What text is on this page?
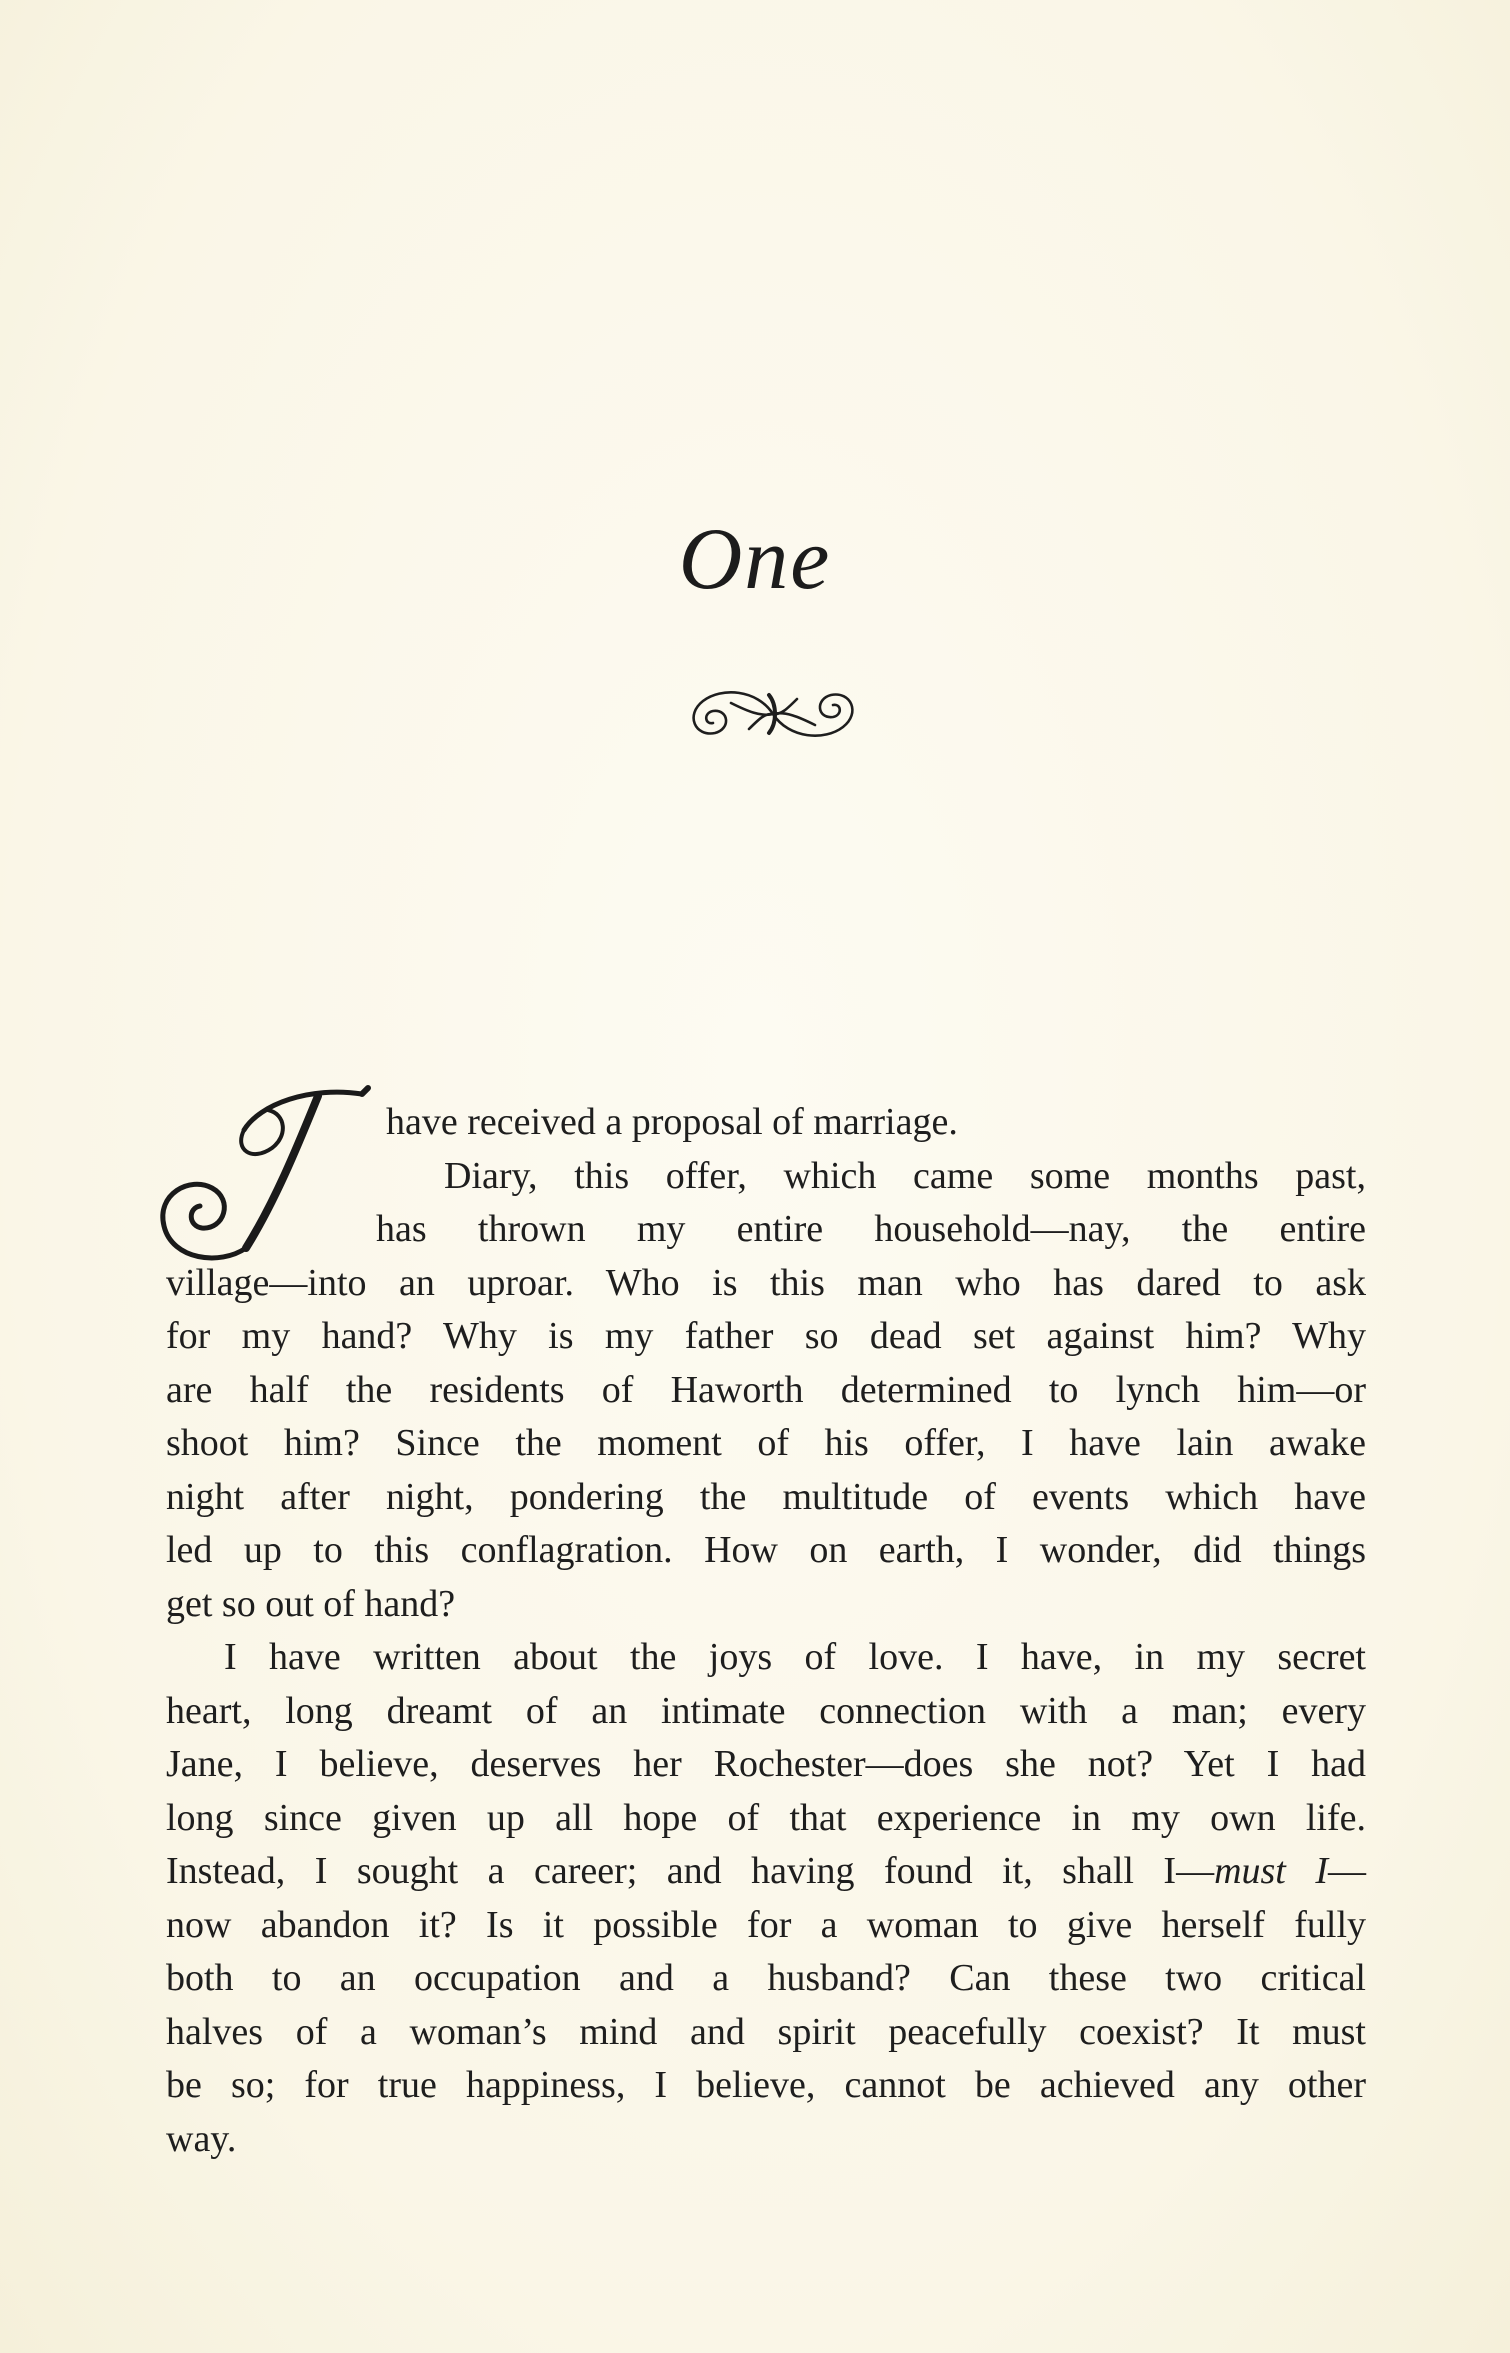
One
have received a proposal of marriage.
Diary, this offer, which came some months past,
has thrown my entire household—nay, the entire
village—into an uproar. Who is this man who has dared to ask
for my hand? Why is my father so dead set against him? Why
are half the residents of Haworth determined to lynch him—or
shoot him? Since the moment of his offer, I have lain awake
night after night, pondering the multitude of events which have
led up to this conflagration. How on earth, I wonder, did things
get so out of hand?
I have written about the joys of love. I have, in my secret
heart, long dreamt of an intimate connection with a man; every
Jane, I believe, deserves her Rochester—does she not? Yet I had
long since given up all hope of that experience in my own life.
Instead, I sought a career; and having found it, shall I—must I—
now abandon it? Is it possible for a woman to give herself fully
both to an occupation and a husband? Can these two critical
halves of a woman’s mind and spirit peacefully coexist? It must
be so; for true happiness, I believe, cannot be achieved any other
way.
